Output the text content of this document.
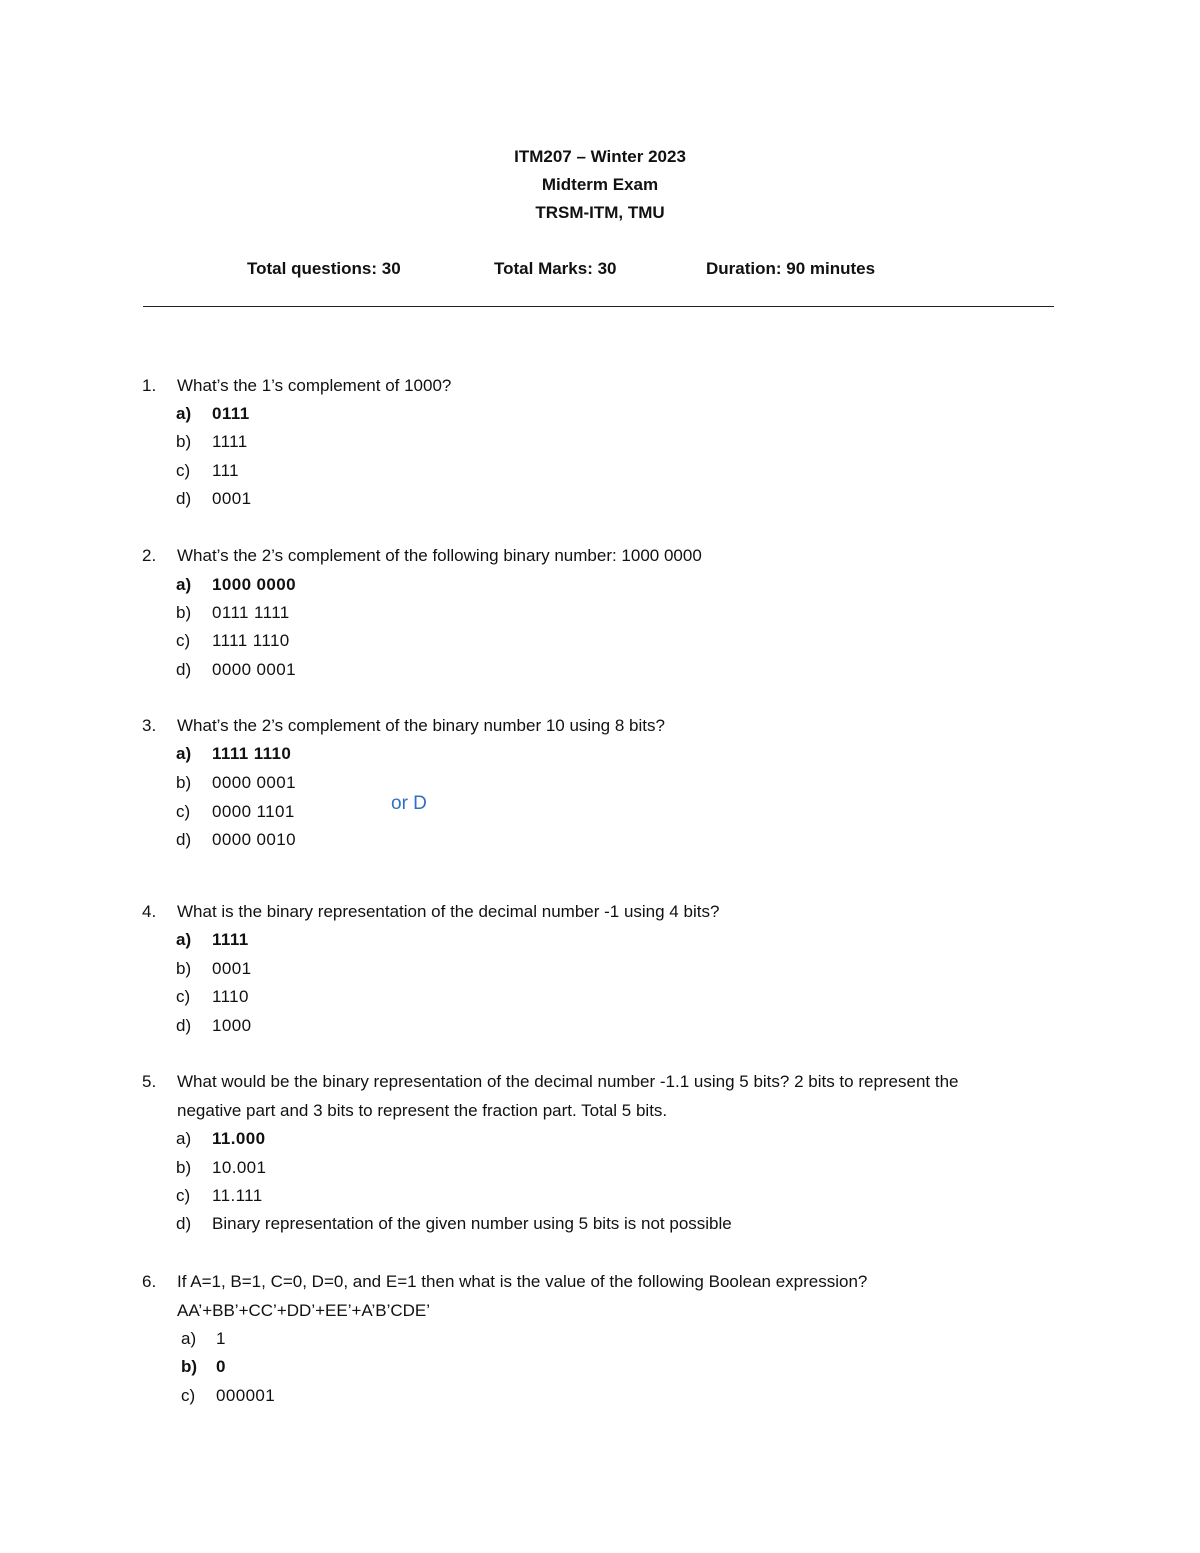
ITM207 – Winter 2023
Midterm Exam
TRSM-ITM, TMU
Total questions: 30	Total Marks: 30	Duration: 90 minutes
1.	What’s the 1’s complement of 1000?
a) 0111
b) 1111
c) 111
d) 0001
2.	What’s the 2’s complement of the following binary number: 1000 0000
a) 1000 0000
b) 0111 1111
c) 1111 1110
d) 0000 0001
3.	What’s the 2’s complement of the binary number 10 using 8 bits?
a) 1111 1110
b) 0000 0001
c) 0000 1101
d) 0000 0010
or D
4.	What is the binary representation of the decimal number -1 using 4 bits?
a) 1111
b) 0001
c) 1110
d) 1000
5.	What would be the binary representation of the decimal number -1.1 using 5 bits? 2 bits to represent the negative part and 3 bits to represent the fraction part. Total 5 bits.
a) 11.000
b) 10.001
c) 11.111
d) Binary representation of the given number using 5 bits is not possible
6.	If A=1, B=1, C=0, D=0, and E=1 then what is the value of the following Boolean expression? AA’+BB’+CC’+DD’+EE’+A’B’CDE’
a) 1
b) 0
c) 000001
